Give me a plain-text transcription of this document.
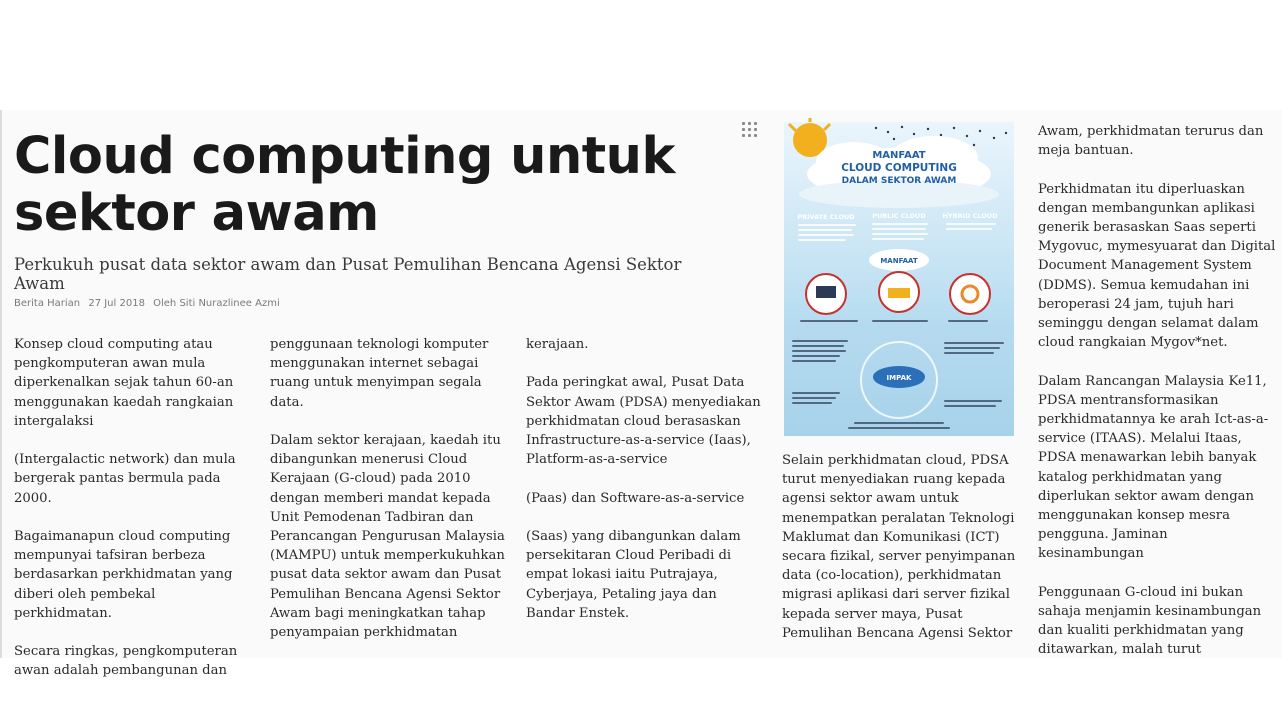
Cloud computing untuk sektor awam

Perkukuh pusat data sektor awam dan Pusat Pemulihan Bencana Agensi Sektor Awam

Berita Harian 27 Jul 2018 Oleh Siti Nurazlinee Azmi

Konsep cloud computing atau pengkomputeran awan mula diperkenalkan sejak tahun 60-an menggunakan kaedah rangkaian intergalaksi

(Intergalactic network) dan mula bergerak pantas bermula pada 2000.

Bagaimanapun cloud computing mempunyai tafsiran berbeza berdasarkan perkhidmatan yang diberi oleh pembekal perkhidmatan.

Secara ringkas, pengkomputeran awan adalah pembangunan dan

penggunaan teknologi komputer menggunakan internet sebagai ruang untuk menyimpan segala data.

Dalam sektor kerajaan, kaedah itu dibangunkan menerusi Cloud Kerajaan (G-cloud) pada 2010 dengan memberi mandat kepada Unit Pemodenan Tadbiran dan Perancangan Pengurusan Malaysia (MAMPU) untuk memperkukuhkan pusat data sektor awam dan Pusat Pemulihan Bencana Agensi Sektor Awam bagi meningkatkan tahap penyampaian perkhidmatan

kerajaan.

Pada peringkat awal, Pusat Data Sektor Awam (PDSA) menyediakan perkhidmatan cloud berasaskan Infrastructure-as-a-service (Iaas), Platform-as-a-service

(Paas) dan Software-as-a-service

(Saas) yang dibangunkan dalam persekitaran Cloud Peribadi di empat lokasi iaitu Putrajaya, Cyberjaya, Petaling jaya dan Bandar Enstek.

MANFAAT
CLOUD COMPUTING
DALAM SEKTOR AWAM
PRIVATE CLOUD	PUBLIC CLOUD	HYBRID CLOUD
MANFAAT
IMPAK

Selain perkhidmatan cloud, PDSA turut menyediakan ruang kepada agensi sektor awam untuk menempatkan peralatan Teknologi Maklumat dan Komunikasi (ICT) secara fizikal, server penyimpanan data (co-location), perkhidmatan migrasi aplikasi dari server fizikal kepada server maya, Pusat Pemulihan Bencana Agensi Sektor

Awam, perkhidmatan terurus dan meja bantuan.

Perkhidmatan itu diperluaskan dengan membangunkan aplikasi generik berasaskan Saas seperti Mygovuc, mymesyuarat dan Digital Document Management System (DDMS). Semua kemudahan ini beroperasi 24 jam, tujuh hari seminggu dengan selamat dalam cloud rangkaian Mygov*net.

Dalam Rancangan Malaysia Ke11, PDSA mentransformasikan perkhidmatannya ke arah Ict-as-a-service (ITAAS). Melalui Itaas, PDSA menawarkan lebih banyak katalog perkhidmatan yang diperlukan sektor awam dengan menggunakan konsep mesra pengguna. Jaminan kesinambungan

Penggunaan G-cloud ini bukan sahaja menjamin kesinambungan dan kualiti perkhidmatan yang ditawarkan, malah turut
